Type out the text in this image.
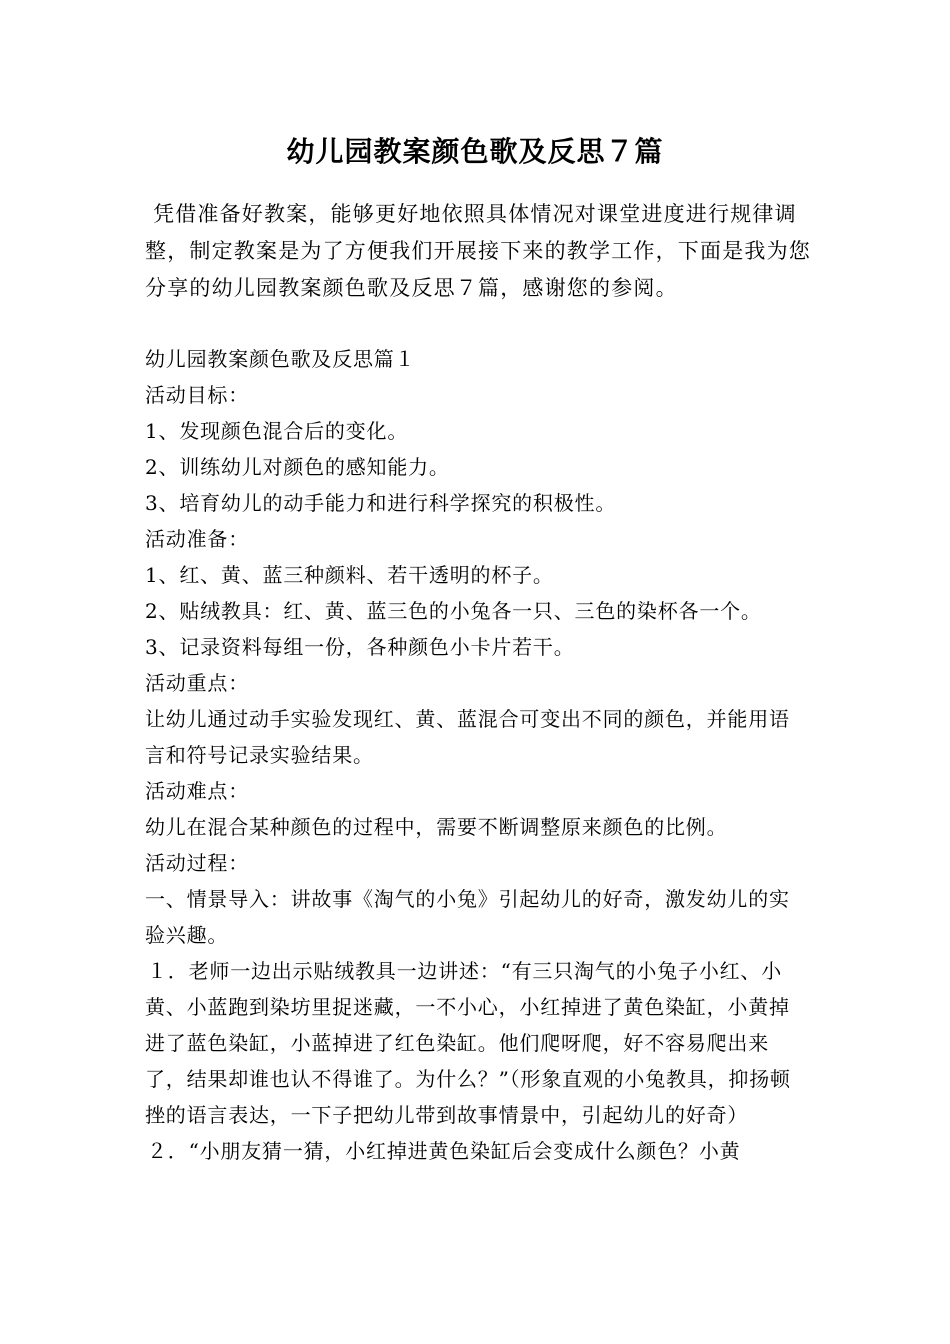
幼儿园教案颜色歌及反思７篇

凭借准备好教案，能够更好地依照具体情况对课堂进度进行规律调整，制定教案是为了方便我们开展接下来的教学工作，下面是我为您分享的幼儿园教案颜色歌及反思７篇，感谢您的参阅。

幼儿园教案颜色歌及反思篇１

活动目标：

1、发现颜色混合后的变化。

2、训练幼儿对颜色的感知能力。

3、培育幼儿的动手能力和进行科学探究的积极性。

活动准备：

1、红、黄、蓝三种颜料、若干透明的杯子。

2、贴绒教具：红、黄、蓝三色的小兔各一只、三色的染杯各一个。

3、记录资料每组一份，各种颜色小卡片若干。

活动重点：

让幼儿通过动手实验发现红、黄、蓝混合可变出不同的颜色，并能用语言和符号记录实验结果。

活动难点：

幼儿在混合某种颜色的过程中，需要不断调整原来颜色的比例。

活动过程：

一、情景导入：讲故事《淘气的小兔》引起幼儿的好奇，激发幼儿的实验兴趣。

１．老师一边出示贴绒教具一边讲述：“有三只淘气的小兔子小红、小黄、小蓝跑到染坊里捉迷藏，一不小心，小红掉进了黄色染缸，小黄掉进了蓝色染缸，小蓝掉进了红色染缸。他们爬呀爬，好不容易爬出来了，结果却谁也认不得谁了。为什么？”（形象直观的小兔教具，抑扬顿挫的语言表达，一下子把幼儿带到故事情景中，引起幼儿的好奇）

２．“小朋友猜一猜，小红掉进黄色染缸后会变成什么颜色？小黄
